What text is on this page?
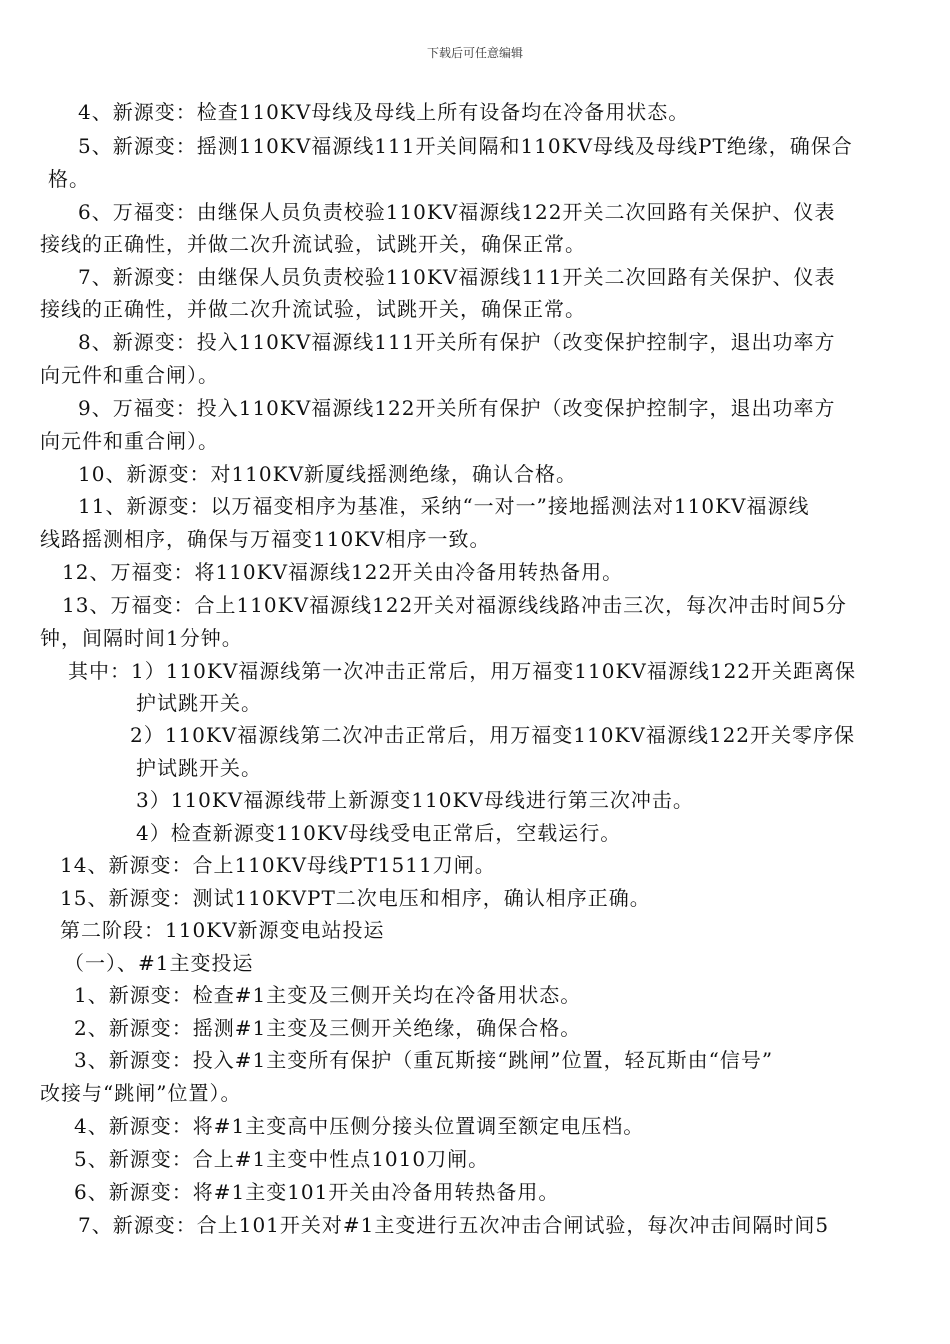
下载后可任意编辑
4、新源变：检查110KV母线及母线上所有设备均在冷备用状态。
5、新源变：摇测110KV福源线111开关间隔和110KV母线及母线PT绝缘，确保合
格。
6、万福变：由继保人员负责校验110KV福源线122开关二次回路有关保护、仪表
接线的正确性，并做二次升流试验，试跳开关，确保正常。
7、新源变：由继保人员负责校验110KV福源线111开关二次回路有关保护、仪表
接线的正确性，并做二次升流试验，试跳开关，确保正常。
8、新源变：投入110KV福源线111开关所有保护（改变保护控制字，退出功率方
向元件和重合闸）。
9、万福变：投入110KV福源线122开关所有保护（改变保护控制字，退出功率方
向元件和重合闸）。
10、新源变：对110KV新厦线摇测绝缘，确认合格。
11、新源变：以万福变相序为基准，采纳“一对一”接地摇测法对110KV福源线
线路摇测相序，确保与万福变110KV相序一致。
12、万福变：将110KV福源线122开关由冷备用转热备用。
13、万福变：合上110KV福源线122开关对福源线线路冲击三次，每次冲击时间5分
钟，间隔时间1分钟。
其中：1）110KV福源线第一次冲击正常后，用万福变110KV福源线122开关距离保
护试跳开关。
2）110KV福源线第二次冲击正常后，用万福变110KV福源线122开关零序保
护试跳开关。
3）110KV福源线带上新源变110KV母线进行第三次冲击。
4）检查新源变110KV母线受电正常后，空载运行。
14、新源变：合上110KV母线PT1511刀闸。
15、新源变：测试110KVPT二次电压和相序，确认相序正确。
第二阶段：110KV新源变电站投运
（一）、#1主变投运
1、新源变：检查#1主变及三侧开关均在冷备用状态。
2、新源变：摇测#1主变及三侧开关绝缘，确保合格。
3、新源变：投入#1主变所有保护（重瓦斯接“跳闸”位置，轻瓦斯由“信号”
改接与“跳闸”位置）。
4、新源变：将#1主变高中压侧分接头位置调至额定电压档。
5、新源变：合上#1主变中性点1010刀闸。
6、新源变：将#1主变101开关由冷备用转热备用。
7、新源变：合上101开关对#1主变进行五次冲击合闸试验，每次冲击间隔时间5
